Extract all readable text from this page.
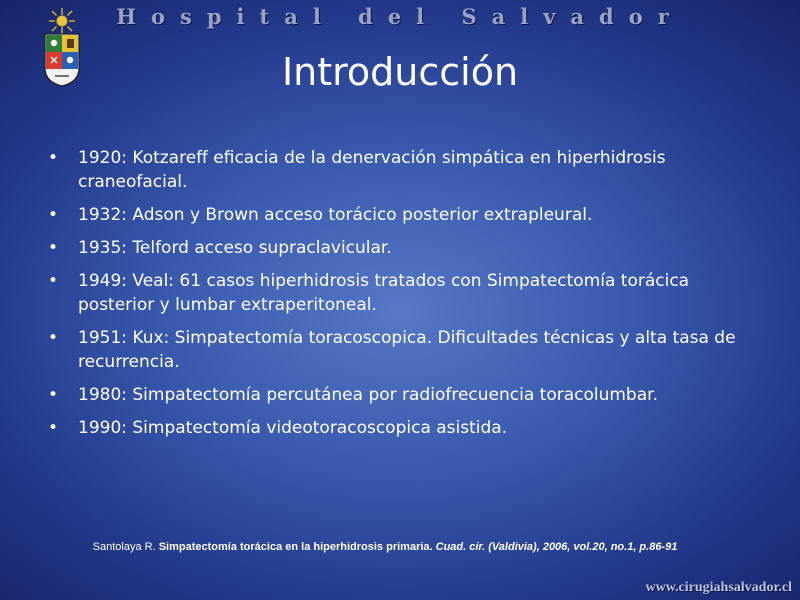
Hospital del Salvador
Introducción
• 1920: Kotzareff eficacia de la denervación simpática en hiperhidrosis craneofacial.
• 1932: Adson y Brown acceso torácico posterior extrapleural.
• 1935: Telford acceso supraclavicular.
• 1949: Veal: 61 casos hiperhidrosis tratados con Simpatectomía torácica posterior y lumbar extraperitoneal.
• 1951: Kux: Simpatectomía toracoscopica. Dificultades técnicas y alta tasa de recurrencia.
• 1980: Simpatectomía percutánea por radiofrecuencia toracolumbar.
• 1990: Simpatectomía videotoracoscopica asistida.
Santolaya R. Simpatectomía torácica en la hiperhidrosis primaria. Cuad. cir. (Valdivia), 2006, vol.20, no.1, p.86-91
www.cirugiahsalvador.cl
